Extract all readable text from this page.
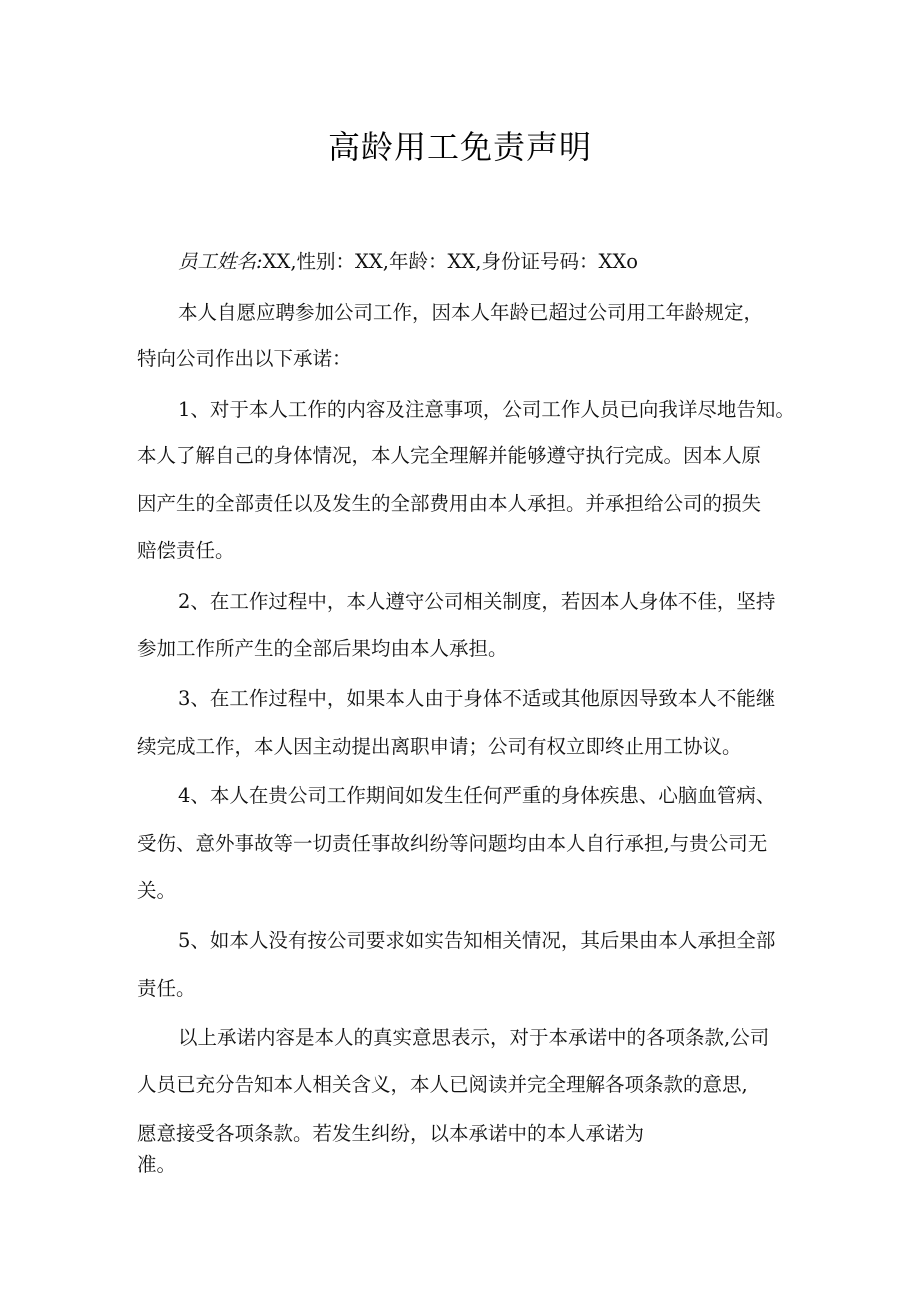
高龄用工免责声明
员工姓名:XX,性别：XX,年龄：XX,身份证号码：XXo
本人自愿应聘参加公司工作，因本人年龄已超过公司用工年龄规定，
特向公司作出以下承诺：
1、对于本人工作的内容及注意事项，公司工作人员已向我详尽地告知。
本人了解自己的身体情况，本人完全理解并能够遵守执行完成。因本人原
因产生的全部责任以及发生的全部费用由本人承担。并承担给公司的损失
赔偿责任。
2、在工作过程中，本人遵守公司相关制度，若因本人身体不佳，坚持
参加工作所产生的全部后果均由本人承担。
3、在工作过程中，如果本人由于身体不适或其他原因导致本人不能继
续完成工作，本人因主动提出离职申请；公司有权立即终止用工协议。
4、本人在贵公司工作期间如发生任何严重的身体疾患、心脑血管病、
受伤、意外事故等一切责任事故纠纷等问题均由本人自行承担,与贵公司无
关。
5、如本人没有按公司要求如实告知相关情况，其后果由本人承担全部
责任。
以上承诺内容是本人的真实意思表示，对于本承诺中的各项条款,公司
人员已充分告知本人相关含义，本人已阅读并完全理解各项条款的意思,
愿意接受各项条款。若发生纠纷，以本承诺中的本人承诺为
准。
